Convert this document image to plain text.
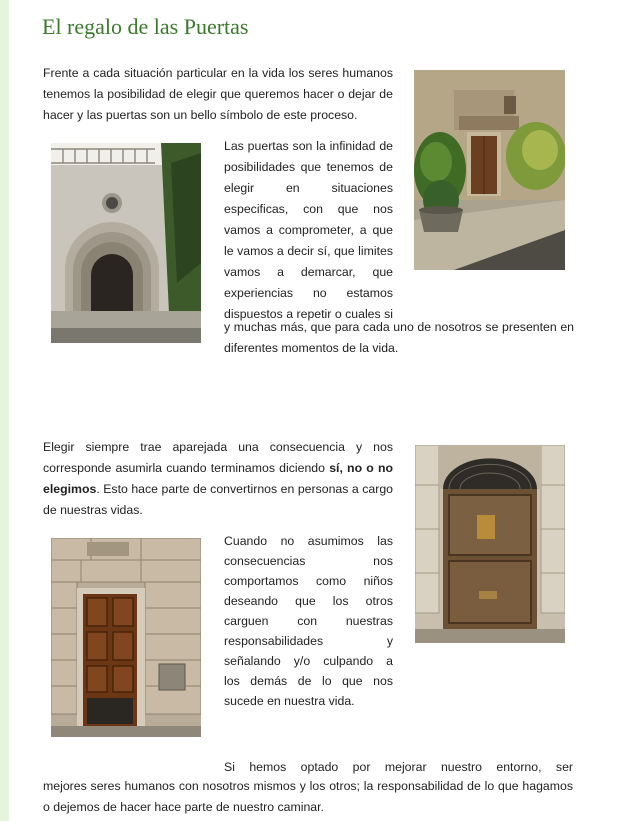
El regalo de las Puertas

Frente a cada situación particular en la vida los seres humanos tenemos la posibilidad de elegir que queremos hacer o dejar de hacer y las puertas son un bello símbolo de este proceso.

Las puertas son la infinidad de

posibilidades que tenemos de

elegir en situaciones

especificas, con que nos

vamos a comprometer, a que

le vamos a decir sí, que limites

vamos a demarcar, que

experiencias no estamos

dispuestos a repetir o cuales si

y muchas más, que para cada uno de nosotros se presenten en diferentes momentos de la vida.

Elegir siempre trae aparejada una consecuencia y nos corresponde asumirla cuando terminamos diciendo sí, no o no elegimos. Esto hace parte de convertirnos en personas a cargo de nuestras vidas.

Cuando no asumimos las

consecuencias nos

comportamos como niños

deseando que los otros

carguen con nuestras

responsabilidades y

señalando y/o culpando a

los demás de lo que nos

sucede en nuestra vida.

Si hemos optado por mejorar nuestro entorno, ser

mejores seres humanos con nosotros mismos y los otros; la responsabilidad de lo que hagamos o dejemos de hacer hace parte de nuestro caminar.
